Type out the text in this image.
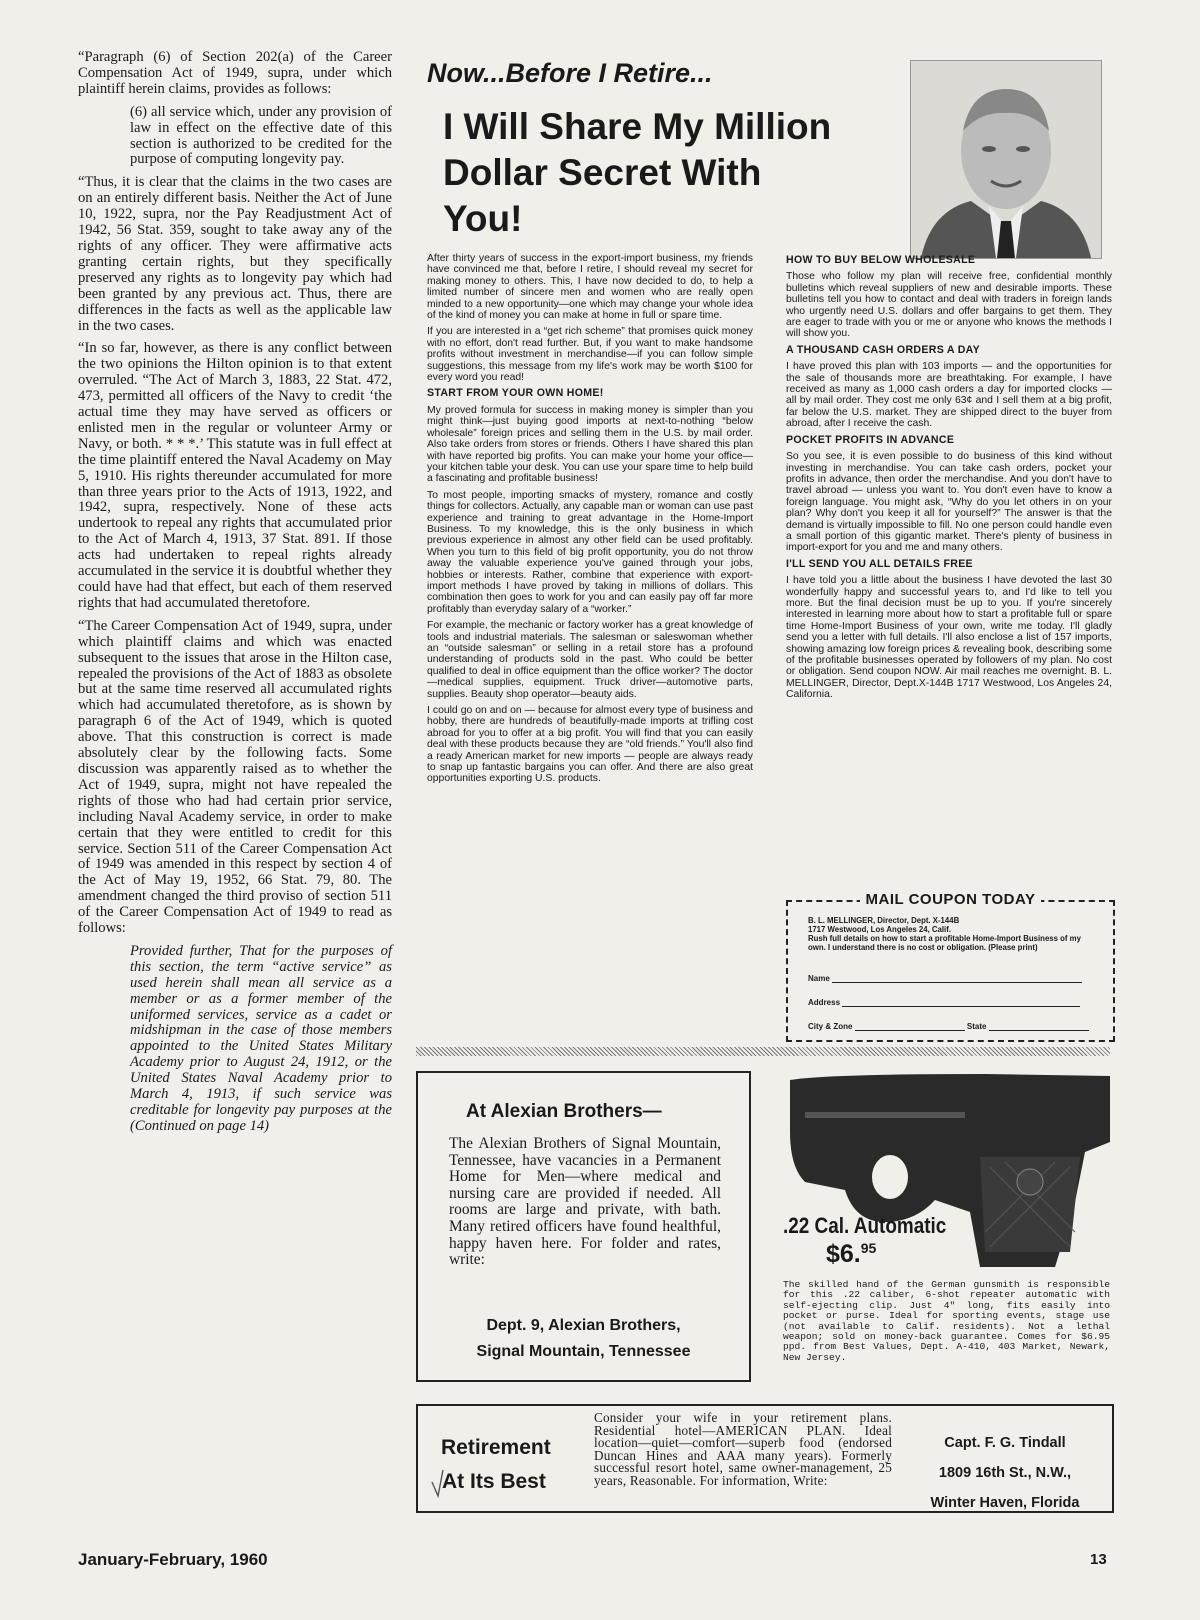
“Paragraph (6) of Section 202(a) of the Career Compensation Act of 1949, supra, under which plaintiff herein claims, provides as follows:

(6) all service which, under any provision of law in effect on the effective date of this section is authorized to be credited for the purpose of computing longevity pay.

“Thus, it is clear that the claims in the two cases are on an entirely different basis. Neither the Act of June 10, 1922, supra, nor the Pay Readjustment Act of 1942, 56 Stat. 359, sought to take away any of the rights of any officer. They were affirmative acts granting certain rights, but they specifically preserved any rights as to longevity pay which had been granted by any previous act. Thus, there are differences in the facts as well as the applicable law in the two cases.

“In so far, however, as there is any conflict between the two opinions the Hilton opinion is to that extent overruled. “The Act of March 3, 1883, 22 Stat. 472, 473, permitted all officers of the Navy to credit ‘the actual time they may have served as officers or enlisted men in the regular or volunteer Army or Navy, or both. * * *.’ This statute was in full effect at the time plaintiff entered the Naval Academy on May 5, 1910. His rights thereunder accumulated for more than three years prior to the Acts of 1913, 1922, and 1942, supra, respectively. None of these acts undertook to repeal any rights that accumulated prior to the Act of March 4, 1913, 37 Stat. 891. If those acts had undertaken to repeal rights already accumulated in the service it is doubtful whether they could have had that effect, but each of them reserved rights that had accumulated theretofore.

“The Career Compensation Act of 1949, supra, under which plaintiff claims and which was enacted subsequent to the issues that arose in the Hilton case, repealed the provisions of the Act of 1883 as obsolete but at the same time reserved all accumulated rights which had accumulated theretofore, as is shown by paragraph 6 of the Act of 1949, which is quoted above. That this construction is correct is made absolutely clear by the following facts. Some discussion was apparently raised as to whether the Act of 1949, supra, might not have repealed the rights of those who had had certain prior service, including Naval Academy service, in order to make certain that they were entitled to credit for this service. Section 511 of the Career Compensation Act of 1949 was amended in this respect by section 4 of the Act of May 19, 1952, 66 Stat. 79, 80. The amendment changed the third proviso of section 511 of the Career Compensation Act of 1949 to read as follows:

Provided further, That for the purposes of this section, the term “active service” as used herein shall mean all service as a member or as a former member of the uniformed services, service as a cadet or midshipman in the case of those members appointed to the United States Military Academy prior to August 24, 1912, or the United States Naval Academy prior to March 4, 1913, if such service was creditable for longevity pay purposes at the (Continued on page 14)

Now...Before I Retire...
I Will Share My Million Dollar Secret With You!

After thirty years of success in the export-import business, my friends have convinced me that, before I retire, I should reveal my secret for making money to others. This, I have now decided to do, to help a limited number of sincere men and women who are really open minded to a new opportunity—one which may change your whole idea of the kind of money you can make at home in full or spare time.

If you are interested in a “get rich scheme” that promises quick money with no effort, don't read further. But, if you want to make handsome profits without investment in merchandise—if you can follow simple suggestions, this message from my life's work may be worth $100 for every word you read!

START FROM YOUR OWN HOME!

My proved formula for success in making money is simpler than you might think—just buying good imports at next-to-nothing “below wholesale” foreign prices and selling them in the U.S. by mail order. Also take orders from stores or friends. Others I have shared this plan with have reported big profits. You can make your home your office—your kitchen table your desk. You can use your spare time to help build a fascinating and profitable business!

To most people, importing smacks of mystery, romance and costly things for collectors. Actually, any capable man or woman can use past experience and training to great advantage in the Home-Import Business. To my knowledge, this is the only business in which previous experience in almost any other field can be used profitably. When you turn to this field of big profit opportunity, you do not throw away the valuable experience you've gained through your jobs, hobbies or interests. Rather, combine that experience with export-import methods I have proved by taking in millions of dollars. This combination then goes to work for you and can easily pay off far more profitably than everyday salary of a “worker.”

For example, the mechanic or factory worker has a great knowledge of tools and industrial materials. The salesman or saleswoman whether an “outside salesman” or selling in a retail store has a profound understanding of products sold in the past. Who could be better qualified to deal in office equipment than the office worker? The doctor—medical supplies, equipment. Truck driver—automotive parts, supplies. Beauty shop operator—beauty aids.

I could go on and on — because for almost every type of business and hobby, there are hundreds of beautifully-made imports at trifling cost abroad for you to offer at a big profit. You will find that you can easily deal with these products because they are “old friends.” You'll also find a ready American market for new imports — people are always ready to snap up fantastic bargains you can offer. And there are also great opportunities exporting U.S. products.

HOW TO BUY BELOW WHOLESALE

Those who follow my plan will receive free, confidential monthly bulletins which reveal suppliers of new and desirable imports. These bulletins tell you how to contact and deal with traders in foreign lands who urgently need U.S. dollars and offer bargains to get them. They are eager to trade with you or me or anyone who knows the methods I will show you.

A THOUSAND CASH ORDERS A DAY

I have proved this plan with 103 imports — and the opportunities for the sale of thousands more are breathtaking. For example, I have received as many as 1,000 cash orders a day for imported clocks — all by mail order. They cost me only 63¢ and I sell them at a big profit, far below the U.S. market. They are shipped direct to the buyer from abroad, after I receive the cash.

POCKET PROFITS IN ADVANCE

So you see, it is even possible to do business of this kind without investing in merchandise. You can take cash orders, pocket your profits in advance, then order the merchandise. And you don't have to travel abroad — unless you want to. You don't even have to know a foreign language. You might ask, “Why do you let others in on your plan? Why don't you keep it all for yourself?” The answer is that the demand is virtually impossible to fill. No one person could handle even a small portion of this gigantic market. There's plenty of business in import-export for you and me and many others.

I'LL SEND YOU ALL DETAILS FREE

I have told you a little about the business I have devoted the last 30 wonderfully happy and successful years to, and I'd like to tell you more. But the final decision must be up to you. If you're sincerely interested in learning more about how to start a profitable full or spare time Home-Import Business of your own, write me today. I'll gladly send you a letter with full details. I'll also enclose a list of 157 imports, showing amazing low foreign prices & revealing book, describing some of the profitable businesses operated by followers of my plan. No cost or obligation. Send coupon NOW. Air mail reaches me overnight. B. L. MELLINGER, Director, Dept.X-144B 1717 Westwood, Los Angeles 24, California.

MAIL COUPON TODAY
B. L. MELLINGER, Director, Dept. X-144B
1717 Westwood, Los Angeles 24, Calif.
Rush full details on how to start a profitable Home-Import Business of my own. I understand there is no cost or obligation. (Please print)
Name
Address
City & Zone	State
At Alexian Brothers—
The Alexian Brothers of Signal Mountain, Tennessee, have vacancies in a Permanent Home for Men—where medical and nursing care are provided if needed. All rooms are large and private, with bath. Many retired officers have found healthful, happy haven here. For folder and rates, write:
Dept. 9, Alexian Brothers,
Signal Mountain, Tennessee
.22 Cal. Automatic
$6.95
The skilled hand of the German gunsmith is responsible for this .22 caliber, 6-shot repeater automatic with self-ejecting clip. Just 4" long, fits easily into pocket or purse. Ideal for sporting events, stage use (not available to Calif. residents). Not a lethal weapon; sold on money-back guarantee. Comes for $6.95 ppd. from Best Values, Dept. A-410, 403 Market, Newark, New Jersey.
Retirement
At Its Best
Consider your wife in your retirement plans. Residential hotel—AMERICAN PLAN. Ideal location—quiet—comfort—superb food (endorsed Duncan Hines and AAA many years). Formerly successful resort hotel, same owner-management, 25 years, Reasonable. For information, Write:
Capt. F. G. Tindall
1809 16th St., N.W.,
Winter Haven, Florida
January-February, 1960	13
